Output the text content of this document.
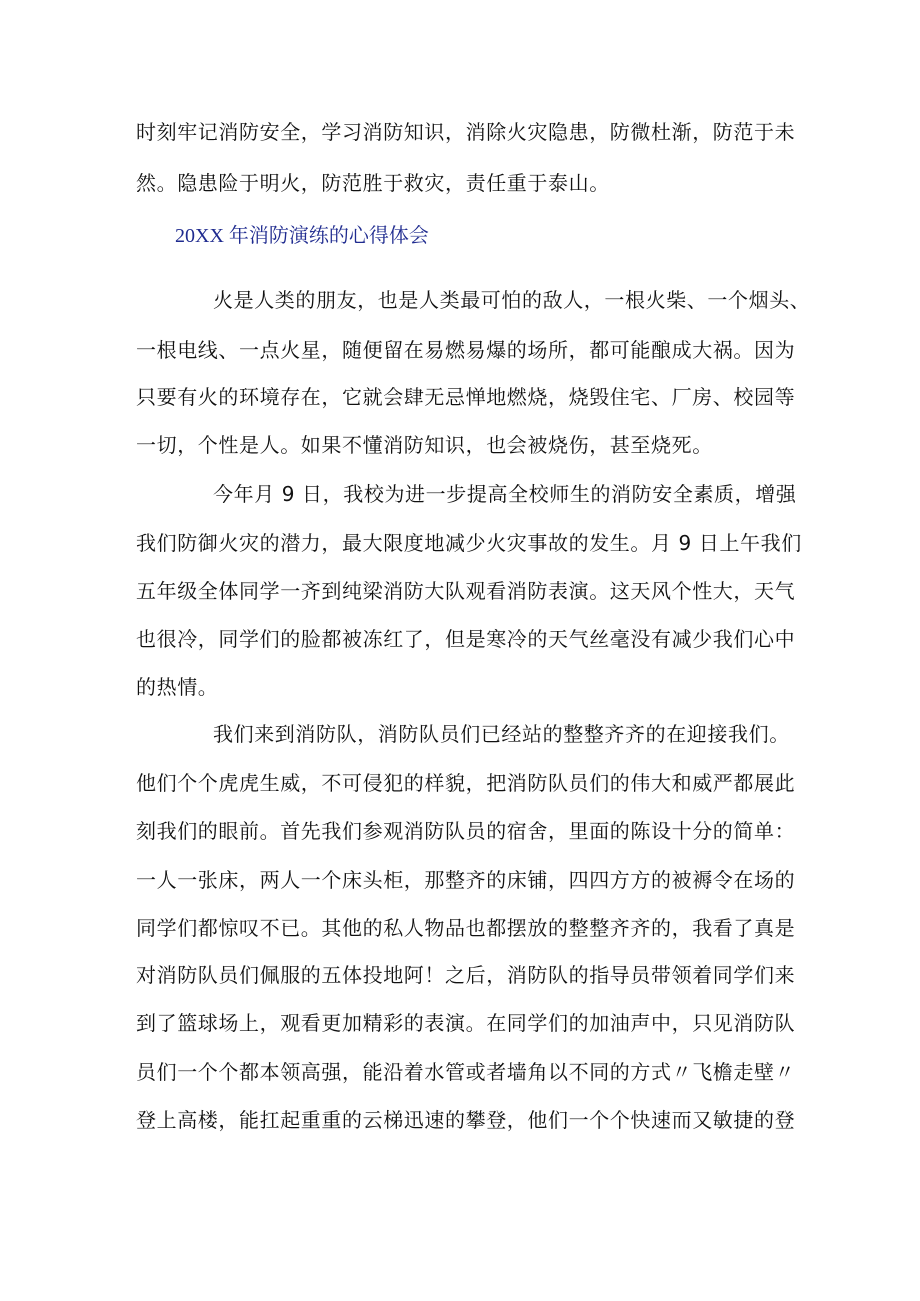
时刻牢记消防安全，学习消防知识，消除火灾隐患，防微杜渐，防范于未
然。隐患险于明火，防范胜于救灾，责任重于泰山。
20XX 年消防演练的心得体会
火是人类的朋友，也是人类最可怕的敌人，一根火柴、一个烟头、
一根电线、一点火星，随便留在易燃易爆的场所，都可能酿成大祸。因为
只要有火的环境存在，它就会肆无忌惮地燃烧，烧毁住宅、厂房、校园等
一切，个性是人。如果不懂消防知识，也会被烧伤，甚至烧死。
今年月 9 日，我校为进一步提高全校师生的消防安全素质，增强
我们防御火灾的潜力，最大限度地减少火灾事故的发生。月 9 日上午我们
五年级全体同学一齐到纯梁消防大队观看消防表演。这天风个性大，天气
也很冷，同学们的脸都被冻红了，但是寒冷的天气丝毫没有减少我们心中
的热情。
我们来到消防队，消防队员们已经站的整整齐齐的在迎接我们。
他们个个虎虎生威，不可侵犯的样貌，把消防队员们的伟大和威严都展此
刻我们的眼前。首先我们参观消防队员的宿舍，里面的陈设十分的简单：
一人一张床，两人一个床头柜，那整齐的床铺，四四方方的被褥令在场的
同学们都惊叹不已。其他的私人物品也都摆放的整整齐齐的，我看了真是
对消防队员们佩服的五体投地阿！之后，消防队的指导员带领着同学们来
到了篮球场上，观看更加精彩的表演。在同学们的加油声中，只见消防队
员们一个个都本领高强，能沿着水管或者墙角以不同的方式〃飞檐走壁〃
登上高楼，能扛起重重的云梯迅速的攀登，他们一个个快速而又敏捷的登
